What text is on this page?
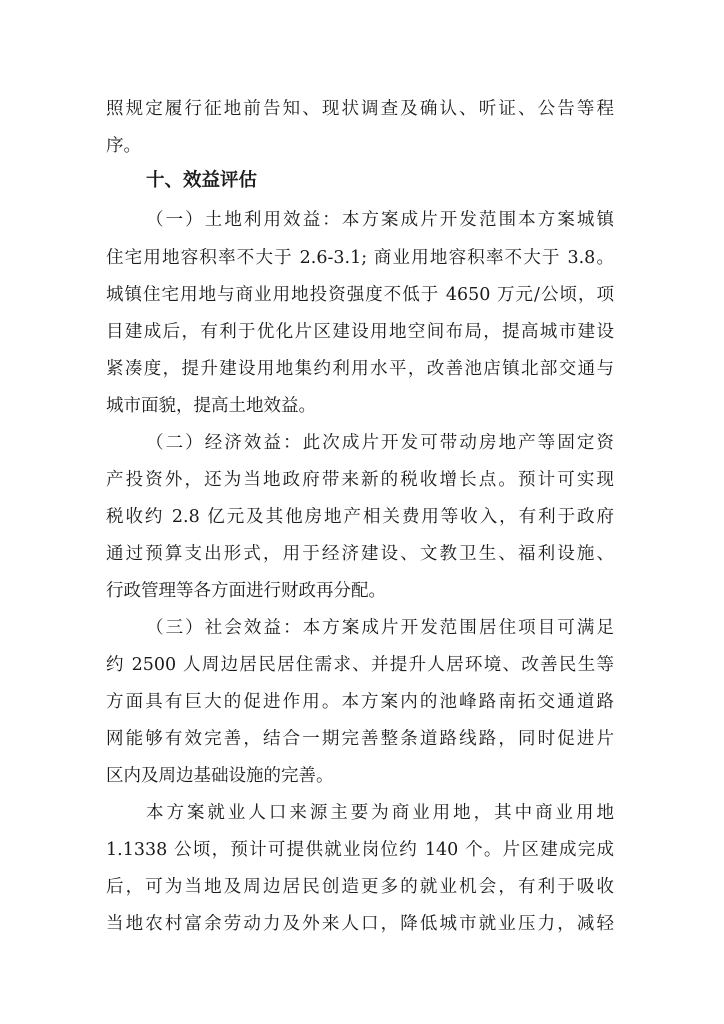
照规定履行征地前告知、现状调查及确认、听证、公告等程
序。
十、效益评估
（一）土地利用效益：本方案成片开发范围本方案城镇
住宅用地容积率不大于 2.6-3.1; 商业用地容积率不大于 3.8。
城镇住宅用地与商业用地投资强度不低于 4650 万元/公顷，项
目建成后，有利于优化片区建设用地空间布局，提高城市建设
紧凑度，提升建设用地集约利用水平，改善池店镇北部交通与
城市面貌，提高土地效益。
（二）经济效益：此次成片开发可带动房地产等固定资
产投资外，还为当地政府带来新的税收增长点。预计可实现
税收约 2.8 亿元及其他房地产相关费用等收入，有利于政府
通过预算支出形式，用于经济建设、文教卫生、福利设施、
行政管理等各方面进行财政再分配。
（三）社会效益：本方案成片开发范围居住项目可满足
约 2500 人周边居民居住需求、并提升人居环境、改善民生等
方面具有巨大的促进作用。本方案内的池峰路南拓交通道路
网能够有效完善，结合一期完善整条道路线路，同时促进片
区内及周边基础设施的完善。
本方案就业人口来源主要为商业用地，其中商业用地
1.1338 公顷，预计可提供就业岗位约 140 个。片区建成完成
后，可为当地及周边居民创造更多的就业机会，有利于吸收
当地农村富余劳动力及外来人口，降低城市就业压力，减轻
